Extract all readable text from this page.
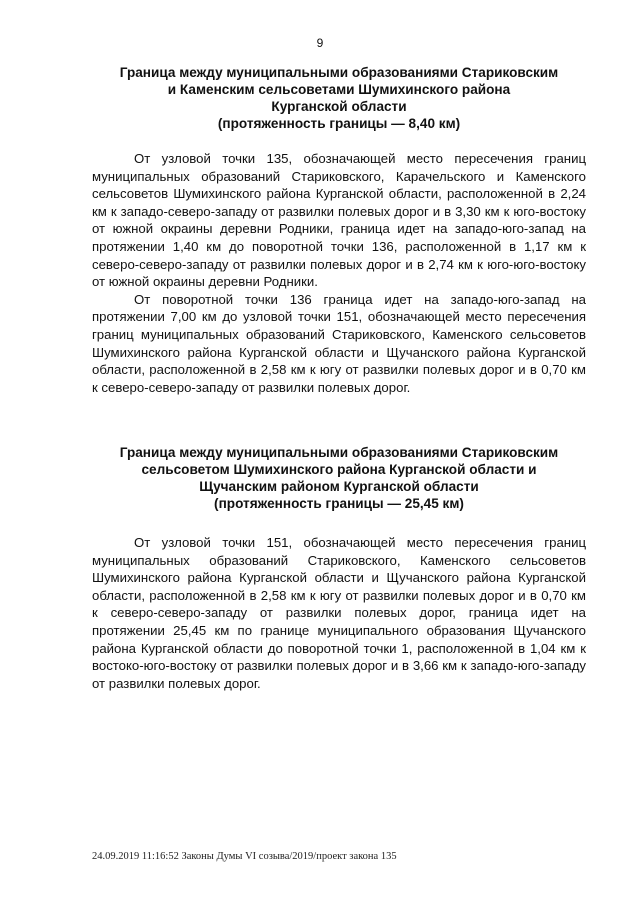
9
Граница между муниципальными образованиями Стариковским
и Каменским сельсоветами Шумихинского района
Курганской области
(протяженность границы — 8,40 км)

От узловой точки 135, обозначающей место пересечения границ муниципальных образований Стариковского, Карачельского и Каменского сельсоветов Шумихинского района Курганской области, расположенной в 2,24 км к западо-северо-западу от развилки полевых дорог и в 3,30 км к юго-востоку от южной окраины деревни Родники, граница идет на западо-юго-запад на протяжении 1,40 км до поворотной точки 136, расположенной в 1,17 км к северо-северо-западу от развилки полевых дорог и в 2,74 км к юго-юго-востоку от южной окраины деревни Родники.

От поворотной точки 136 граница идет на западо-юго-запад на протяжении 7,00 км до узловой точки 151, обозначающей место пересечения границ муниципальных образований Стариковского, Каменского сельсоветов Шумихинского района Курганской области и Щучанского района Курганской области, расположенной в 2,58 км к югу от развилки полевых дорог и в 0,70 км к северо-северо-западу от развилки полевых дорог.

Граница между муниципальными образованиями Стариковским
сельсоветом Шумихинского района Курганской области и
Щучанским районом Курганской области
(протяженность границы — 25,45 км)

От узловой точки 151, обозначающей место пересечения границ муниципальных образований Стариковского, Каменского сельсоветов Шумихинского района Курганской области и Щучанского района Курганской области, расположенной в 2,58 км к югу от развилки полевых дорог и в 0,70 км к северо-северо-западу от развилки полевых дорог, граница идет на протяжении 25,45 км по границе муниципального образования Щучанского района Курганской области до поворотной точки 1, расположенной в 1,04 км к востоко-юго-востоку от развилки полевых дорог и в 3,66 км к западо-юго-западу от развилки полевых дорог.

24.09.2019 11:16:52 Законы Думы VI созыва/2019/проект закона 135
